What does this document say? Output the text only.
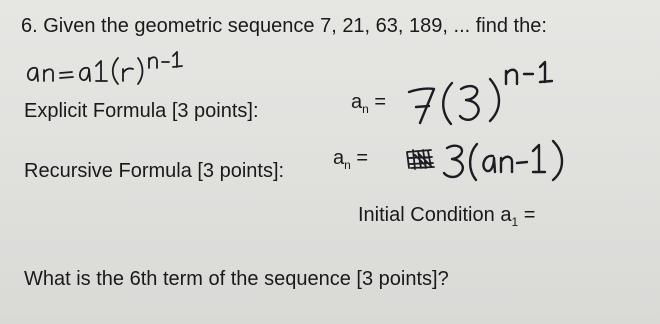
6. Given the geometric sequence 7, 21, 63, 189, ... find the:
an=a1(r)n-1
Explicit Formula [3 points]:	$a_n$ =
7(3)n-1
Recursive Formula [3 points]:
$a_n$ =
3(an-1)
Initial Condition $a_1$ =
What is the 6th term of the sequence [3 points]?
